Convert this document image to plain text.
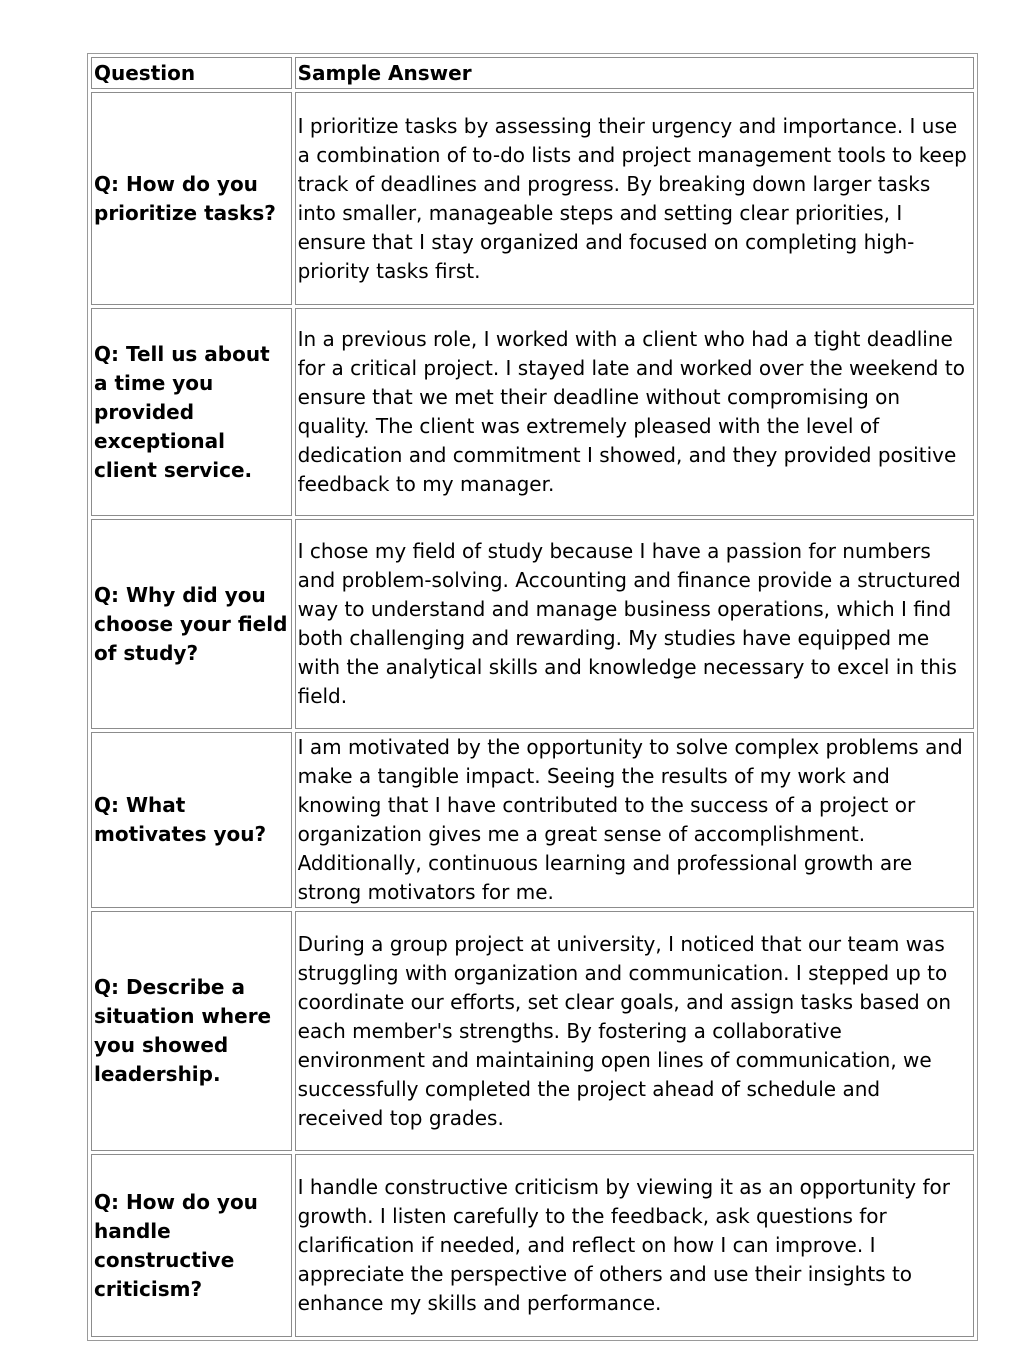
Question	Sample Answer
Q: How do you prioritize tasks?	I prioritize tasks by assessing their urgency and importance. I use a combination of to-do lists and project management tools to keep track of deadlines and progress. By breaking down larger tasks into smaller, manageable steps and setting clear priorities, I ensure that I stay organized and focused on completing high-priority tasks first.
Q: Tell us about a time you provided exceptional client service.	In a previous role, I worked with a client who had a tight deadline for a critical project. I stayed late and worked over the weekend to ensure that we met their deadline without compromising on quality. The client was extremely pleased with the level of dedication and commitment I showed, and they provided positive feedback to my manager.
Q: Why did you choose your field of study?	I chose my field of study because I have a passion for numbers and problem-solving. Accounting and finance provide a structured way to understand and manage business operations, which I find both challenging and rewarding. My studies have equipped me with the analytical skills and knowledge necessary to excel in this field.
Q: What motivates you?	I am motivated by the opportunity to solve complex problems and make a tangible impact. Seeing the results of my work and knowing that I have contributed to the success of a project or organization gives me a great sense of accomplishment. Additionally, continuous learning and professional growth are strong motivators for me.
Q: Describe a situation where you showed leadership.	During a group project at university, I noticed that our team was struggling with organization and communication. I stepped up to coordinate our efforts, set clear goals, and assign tasks based on each member's strengths. By fostering a collaborative environment and maintaining open lines of communication, we successfully completed the project ahead of schedule and received top grades.
Q: How do you handle constructive criticism?	I handle constructive criticism by viewing it as an opportunity for growth. I listen carefully to the feedback, ask questions for clarification if needed, and reflect on how I can improve. I appreciate the perspective of others and use their insights to enhance my skills and performance.
